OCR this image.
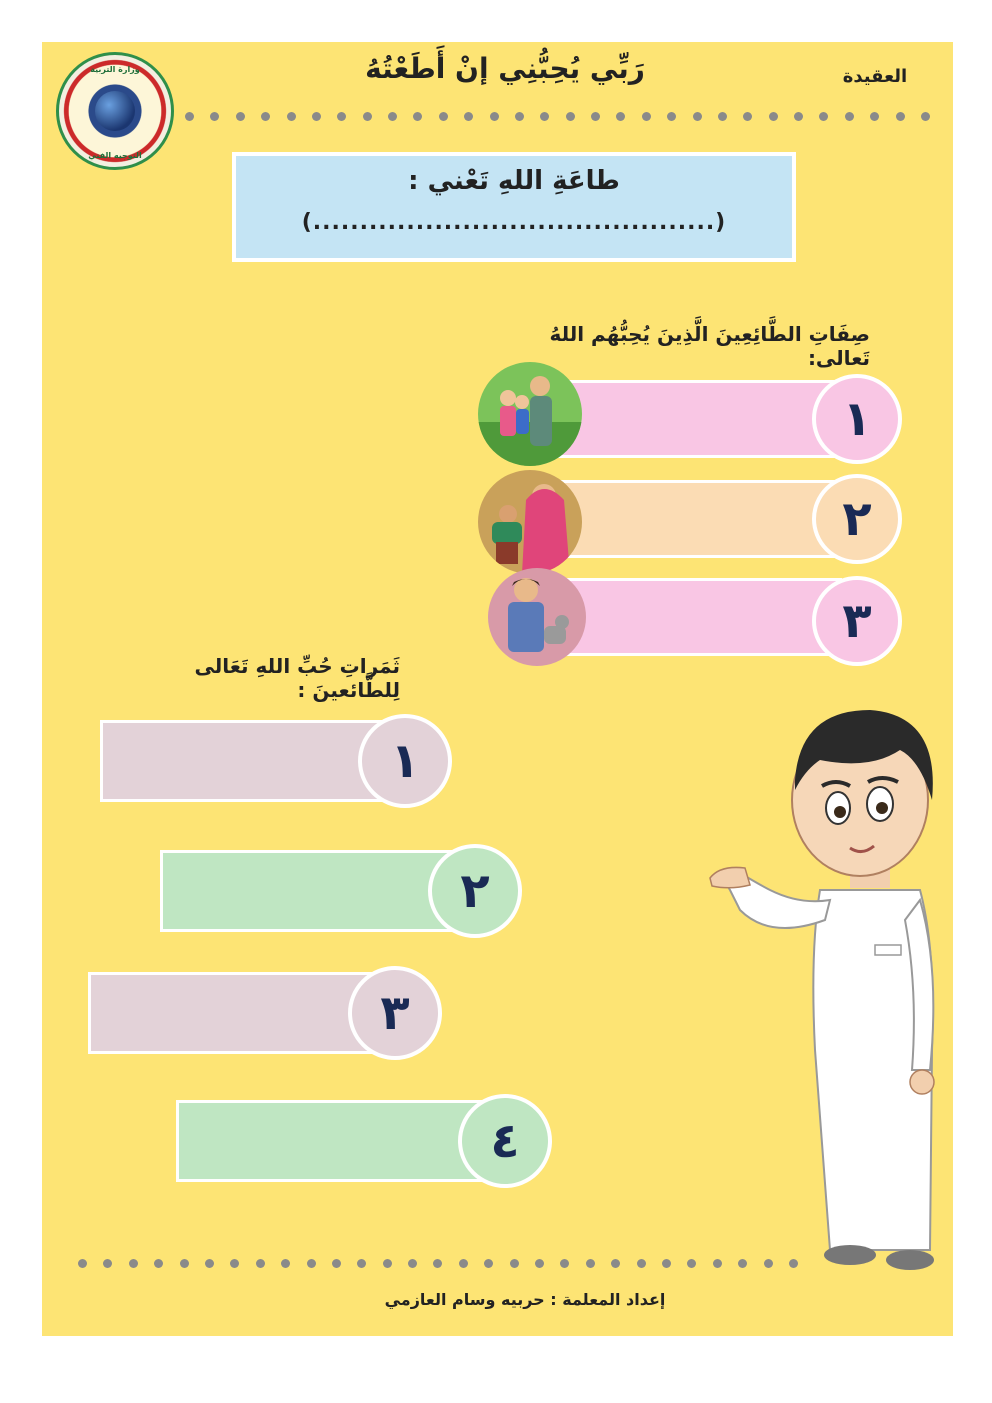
وزارة التربية
التوجيه الفني
رَبِّي يُحِبُّنِي إنْ أَطَعْتُهُ	العقيدة
طاعَةِ اللهِ تَعْني :
(...........................................)
صِفَاتِ الطَّائِعِينَ الَّذِينَ يُحِبُّهُم اللهُ تَعالى:
١
٢
٣
ثَمَراتِ حُبِّ اللهِ تَعَالى لِلطَّائعينَ :
١
٢
٣
٤
إعداد المعلمة : حربيه وسام العازمي
